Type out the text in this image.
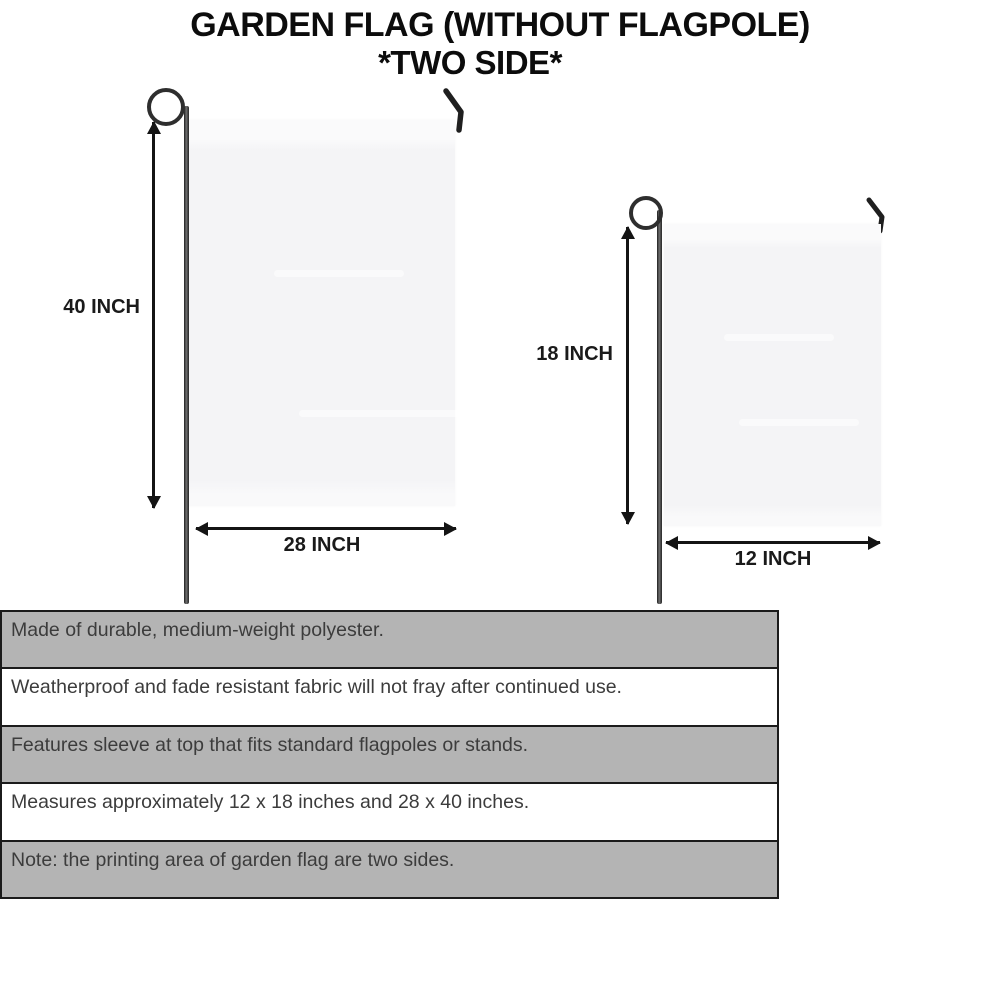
GARDEN FLAG (WITHOUT FLAGPOLE)
*TWO SIDE*
40 INCH
28 INCH
18 INCH
12 INCH
Made of durable, medium-weight polyester.
Weatherproof and fade resistant fabric will not fray after continued use.
Features sleeve at top that fits standard flagpoles or stands.
Measures approximately 12 x 18 inches and 28 x 40 inches.
Note: the printing area of garden flag are two sides.
